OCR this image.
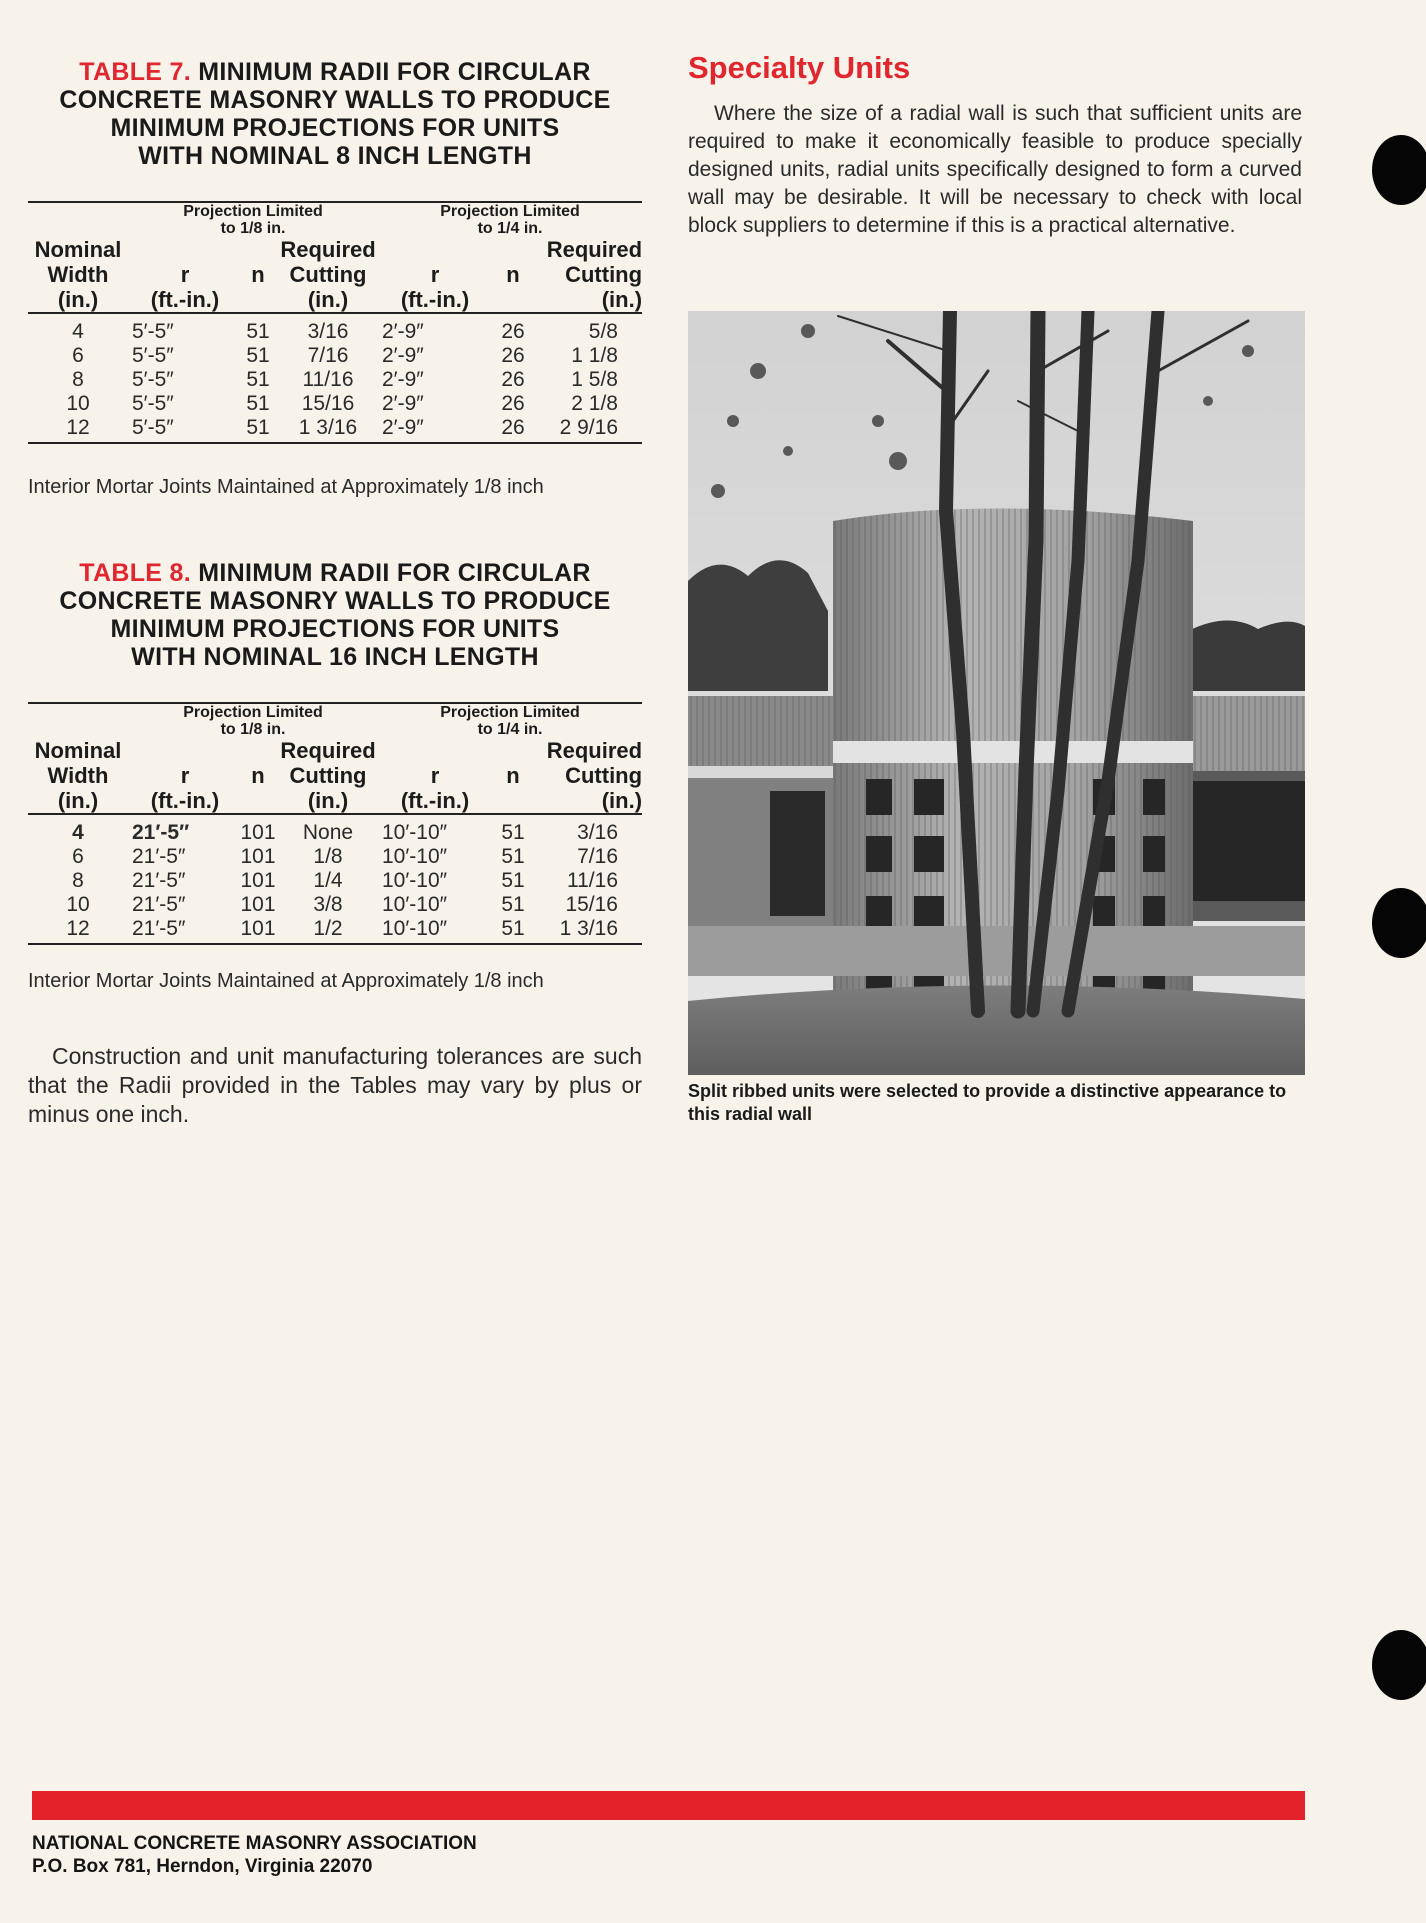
TABLE 7. MINIMUM RADII FOR CIRCULAR
CONCRETE MASONRY WALLS TO PRODUCE
MINIMUM PROJECTIONS FOR UNITS
WITH NOMINAL 8 INCH LENGTH
	Projection Limited
to 1/8 in.			Projection Limited
to 1/4 in.		
Nominal
Width
(in.)	r
(ft.-in.)	n	Required
Cutting
(in.)	r
(ft.-in.)	n	Required
Cutting
(in.)
4	5′-5″	51	3/16	2′-9″	26	5/8
6	5′-5″	51	7/16	2′-9″	26	1 1/8
8	5′-5″	51	11/16	2′-9″	26	1 5/8
10	5′-5″	51	15/16	2′-9″	26	2 1/8
12	5′-5″	51	1 3/16	2′-9″	26	2 9/16
Interior Mortar Joints Maintained at Approximately 1/8 inch
TABLE 8. MINIMUM RADII FOR CIRCULAR
CONCRETE MASONRY WALLS TO PRODUCE
MINIMUM PROJECTIONS FOR UNITS
WITH NOMINAL 16 INCH LENGTH
	Projection Limited
to 1/8 in.			Projection Limited
to 1/4 in.		
Nominal
Width
(in.)	r
(ft.-in.)	n	Required
Cutting
(in.)	r
(ft.-in.)	n	Required
Cutting
(in.)
4	21′-5″	101	None	10′-10″	51	3/16
6	21′-5″	101	1/8	10′-10″	51	7/16
8	21′-5″	101	1/4	10′-10″	51	11/16
10	21′-5″	101	3/8	10′-10″	51	15/16
12	21′-5″	101	1/2	10′-10″	51	1 3/16
Interior Mortar Joints Maintained at Approximately 1/8 inch
Construction and unit manufacturing tolerances are such that the Radii provided in the Tables may vary by plus or minus one inch.
Specialty Units
Where the size of a radial wall is such that sufficient units are required to make it economically feasible to produce specially designed units, radial units specifically designed to form a curved wall may be desirable. It will be necessary to check with local block suppliers to determine if this is a practical alternative.
Split ribbed units were selected to provide a distinctive appearance to this radial wall
NATIONAL CONCRETE MASONRY ASSOCIATION
P.O. Box 781, Herndon, Virginia 22070
